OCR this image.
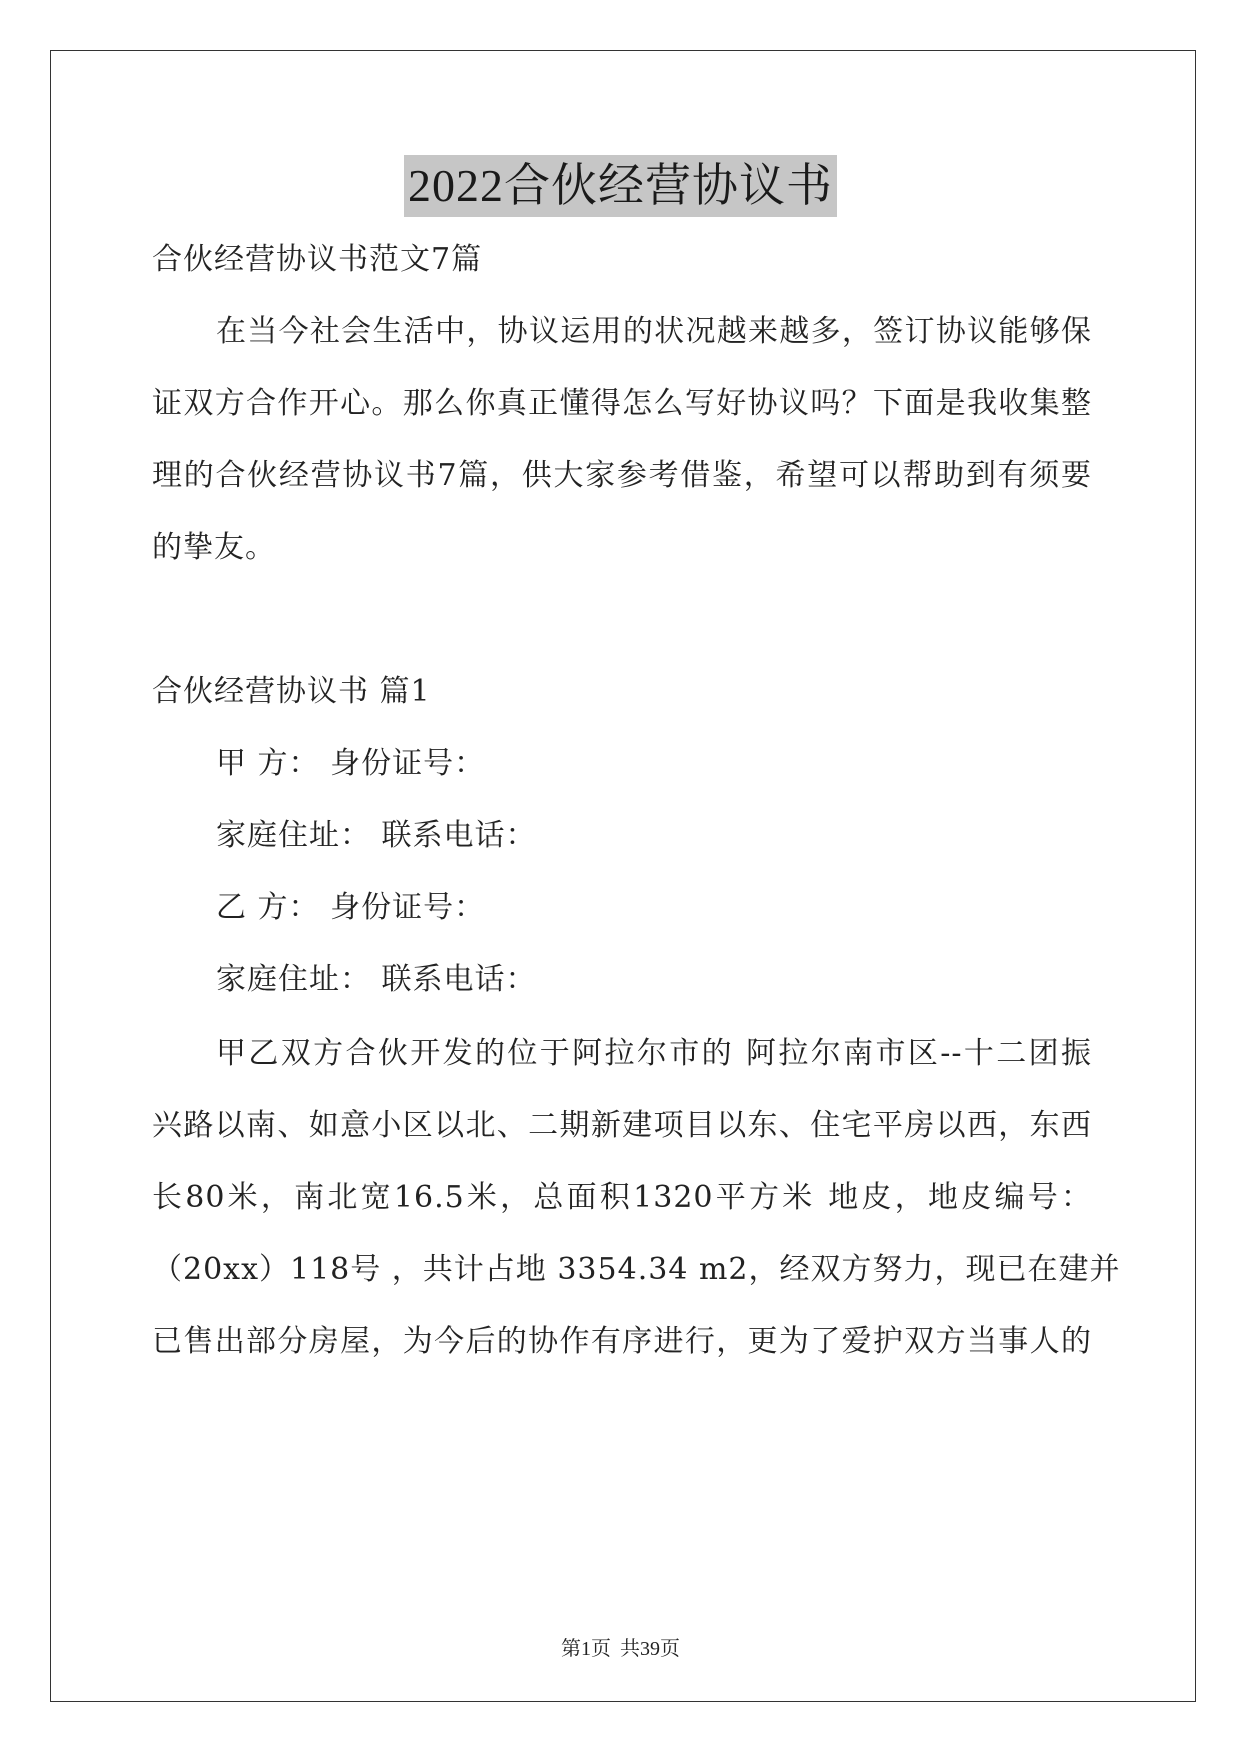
2022合伙经营协议书
合伙经营协议书范文7篇
在当今社会生活中，协议运用的状况越来越多，签订协议能够保
证双方合作开心。那么你真正懂得怎么写好协议吗？下面是我收集整
理的合伙经营协议书7篇，供大家参考借鉴，希望可以帮助到有须要
的挚友。
合伙经营协议书 篇1
甲 方： 身份证号：
家庭住址： 联系电话：
乙 方： 身份证号：
家庭住址： 联系电话：
甲乙双方合伙开发的位于阿拉尔市的 阿拉尔南市区--十二团振
兴路以南、如意小区以北、二期新建项目以东、住宅平房以西，东西
长80米，南北宽16.5米，总面积1320平方米 地皮，地皮编号：
（20xx）118号 ，共计占地 3354.34 m2，经双方努力，现已在建并
已售出部分房屋，为今后的协作有序进行，更为了爱护双方当事人的
第1页 共39页
